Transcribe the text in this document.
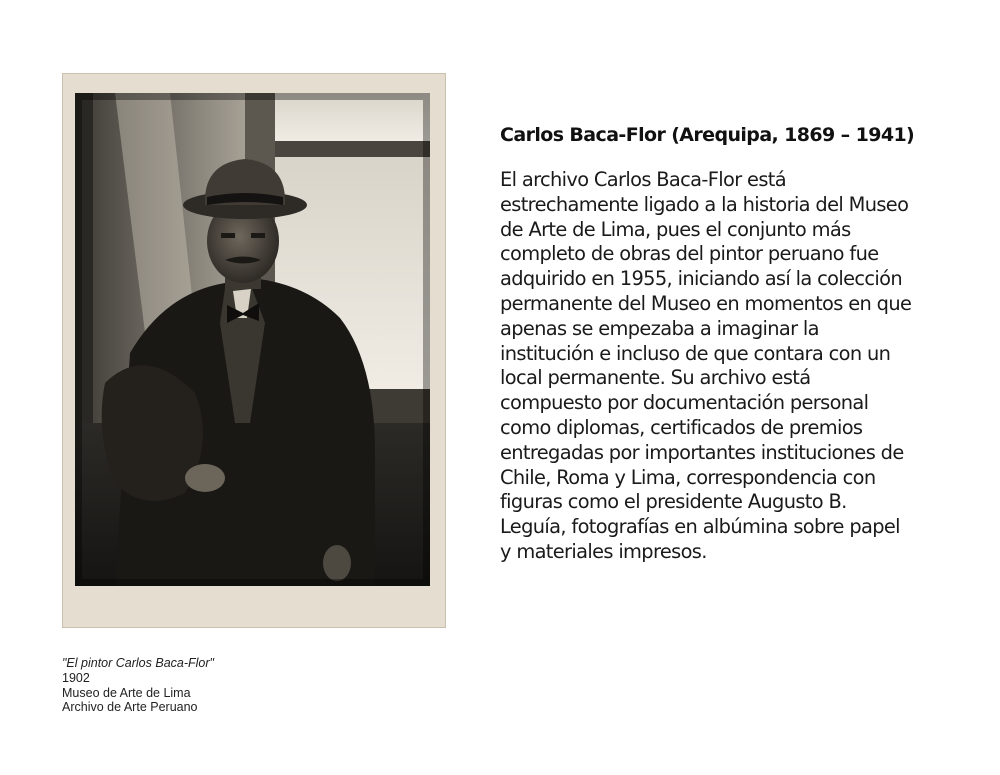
"El pintor Carlos Baca-Flor"
1902
Museo de Arte de Lima
Archivo de Arte Peruano
Carlos Baca-Flor (Arequipa, 1869 – 1941)

El archivo Carlos Baca-Flor está
estrechamente ligado a la historia del Museo
de Arte de Lima, pues el conjunto más
completo de obras del pintor peruano fue
adquirido en 1955, iniciando así la colección
permanente del Museo en momentos en que
apenas se empezaba a imaginar la
institución e incluso de que contara con un
local permanente. Su archivo está
compuesto por documentación personal
como diplomas, certificados de premios
entregadas por importantes instituciones de
Chile, Roma y Lima, correspondencia con
figuras como el presidente Augusto B.
Leguía, fotografías en albúmina sobre papel
y materiales impresos.
